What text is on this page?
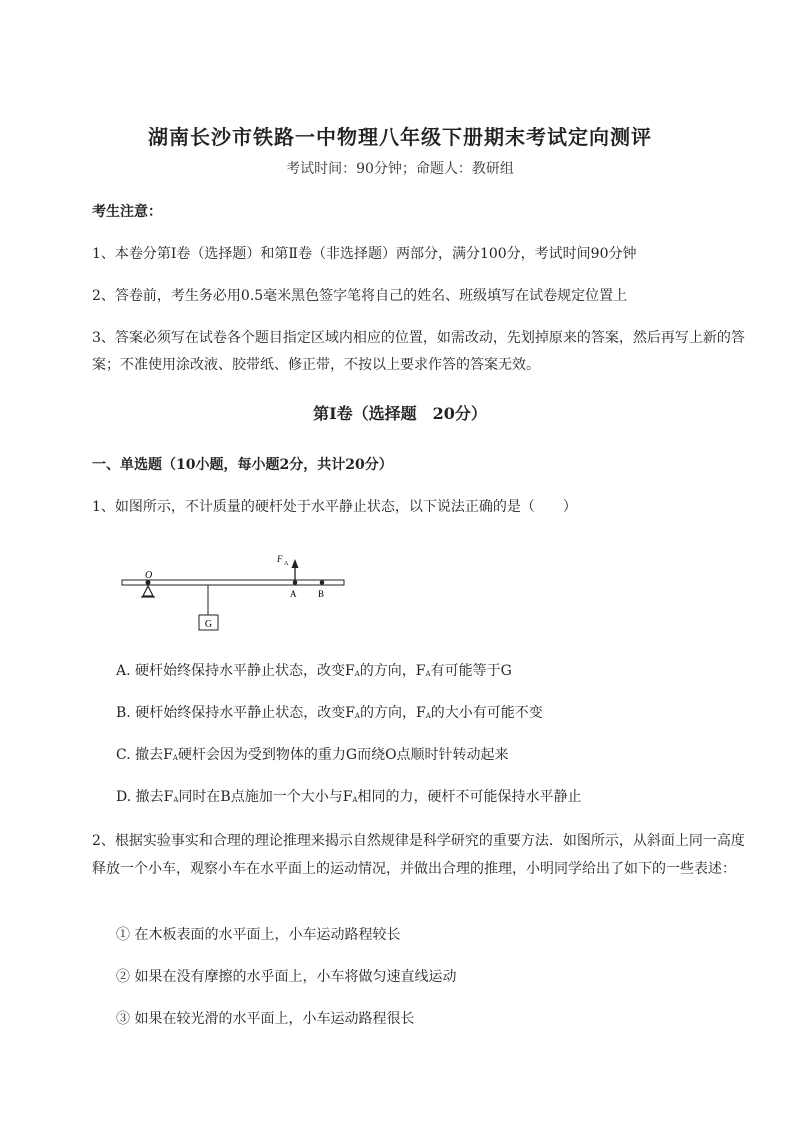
湖南长沙市铁路一中物理八年级下册期末考试定向测评
考试时间：90分钟；命题人：教研组
考生注意：
1、本卷分第I卷（选择题）和第Ⅱ卷（非选择题）两部分，满分100分，考试时间90分钟
2、答卷前，考生务必用0.5毫米黑色签字笔将自己的姓名、班级填写在试卷规定位置上
3、答案必须写在试卷各个题目指定区域内相应的位置，如需改动，先划掉原来的答案，然后再写上新的答案；不准使用涂改液、胶带纸、修正带，不按以上要求作答的答案无效。
第I卷（选择题　20分）
一、单选题（10小题，每小题2分，共计20分）
1、如图所示，不计质量的硬杆处于水平静止状态，以下说法正确的是（　　）
G
O
F A
A B
A. 硬杆始终保持水平静止状态，改变FA的方向，FA有可能等于G
B. 硬杆始终保持水平静止状态，改变FA的方向，FA的大小有可能不变
C. 撤去FA硬杆会因为受到物体的重力G而绕O点顺时针转动起来
D. 撤去FA同时在B点施加一个大小与FA相同的力，硬杆不可能保持水平静止
2、根据实验事实和合理的理论推理来揭示自然规律是科学研究的重要方法．如图所示，从斜面上同一高度释放一个小车，观察小车在水平面上的运动情况，并做出合理的推理，小明同学给出了如下的一些表述：
① 在木板表面的水平面上，小车运动路程较长
② 如果在没有摩擦的水乎面上，小车将做匀速直线运动
③ 如果在较光滑的水平面上，小车运动路程很长
